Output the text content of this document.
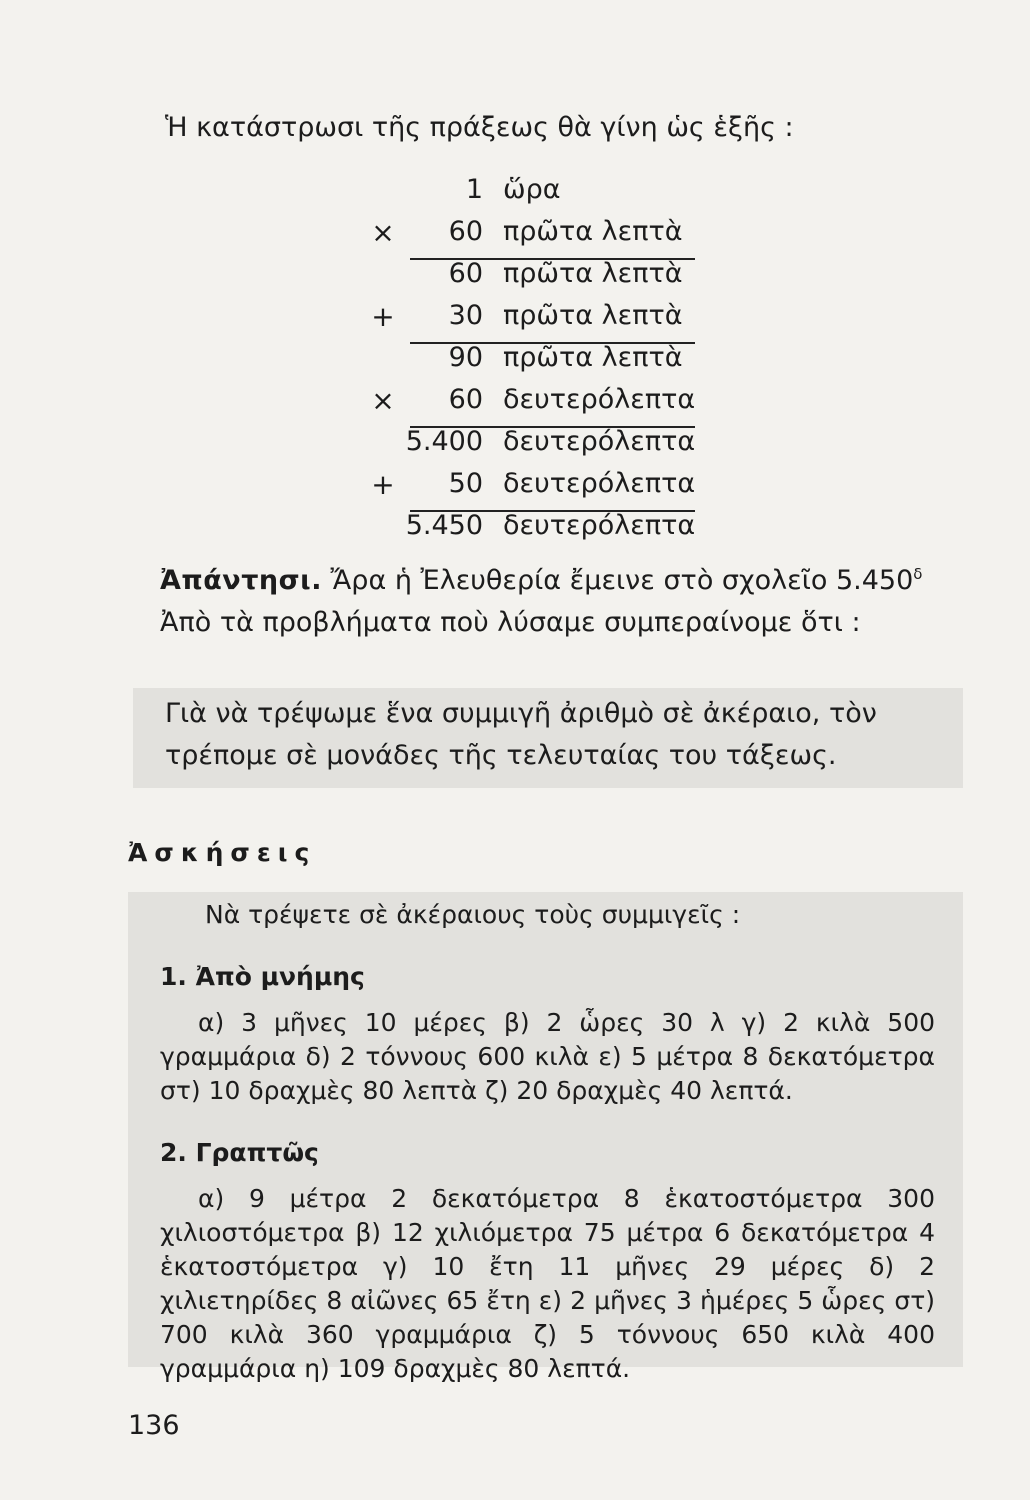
Ἡ κατάστρωσι τῆς πράξεως θὰ γίνη ὡς ἑξῆς :
1 ὥρα
× 60 πρῶτα λεπτὰ
60 πρῶτα λεπτὰ
+ 30 πρῶτα λεπτὰ
90 πρῶτα λεπτὰ
× 60 δευτερόλεπτα
5.400 δευτερόλεπτα
+ 50 δευτερόλεπτα
5.450 δευτερόλεπτα
Ἀπάντησι. Ἄρα ἡ Ἐλευθερία ἔμεινε στὸ σχολεῖο $5.450^\delta$
Ἀπὸ τὰ προβλήματα ποὺ λύσαμε συμπεραίνομε ὅτι :
Γιὰ νὰ τρέψωμε ἕνα συμμιγῆ ἀριθμὸ σὲ ἀκέραιο, τὸν τρέπομε σὲ μονάδες τῆς τελευταίας του τάξεως.
Ἀσκήσεις
Νὰ τρέψετε σὲ ἀκέραιους τοὺς συμμιγεῖς :
1. Ἀπὸ μνήμης
α) 3 μῆνες 10 μέρες β) 2 ὧρες 30 λ γ) 2 κιλὰ 500 γραμμάρια δ) 2 τόννους 600 κιλὰ ε) 5 μέτρα 8 δεκατόμετρα στ) 10 δραχμὲς 80 λεπτὰ ζ) 20 δραχμὲς 40 λεπτά.
2. Γραπτῶς
α) 9 μέτρα 2 δεκατόμετρα 8 ἑκατοστόμετρα 300 χιλιοστόμετρα β) 12 χιλιόμετρα 75 μέτρα 6 δεκατόμετρα 4 ἑκατοστόμετρα γ) 10 ἔτη 11 μῆνες 29 μέρες δ) 2 χιλιετηρίδες 8 αἰῶνες 65 ἔτη ε) 2 μῆνες 3 ἡμέρες 5 ὧρες στ) 700 κιλὰ 360 γραμμάρια ζ) 5 τόννους 650 κιλὰ 400 γραμμάρια η) 109 δραχμὲς 80 λεπτά.
136
